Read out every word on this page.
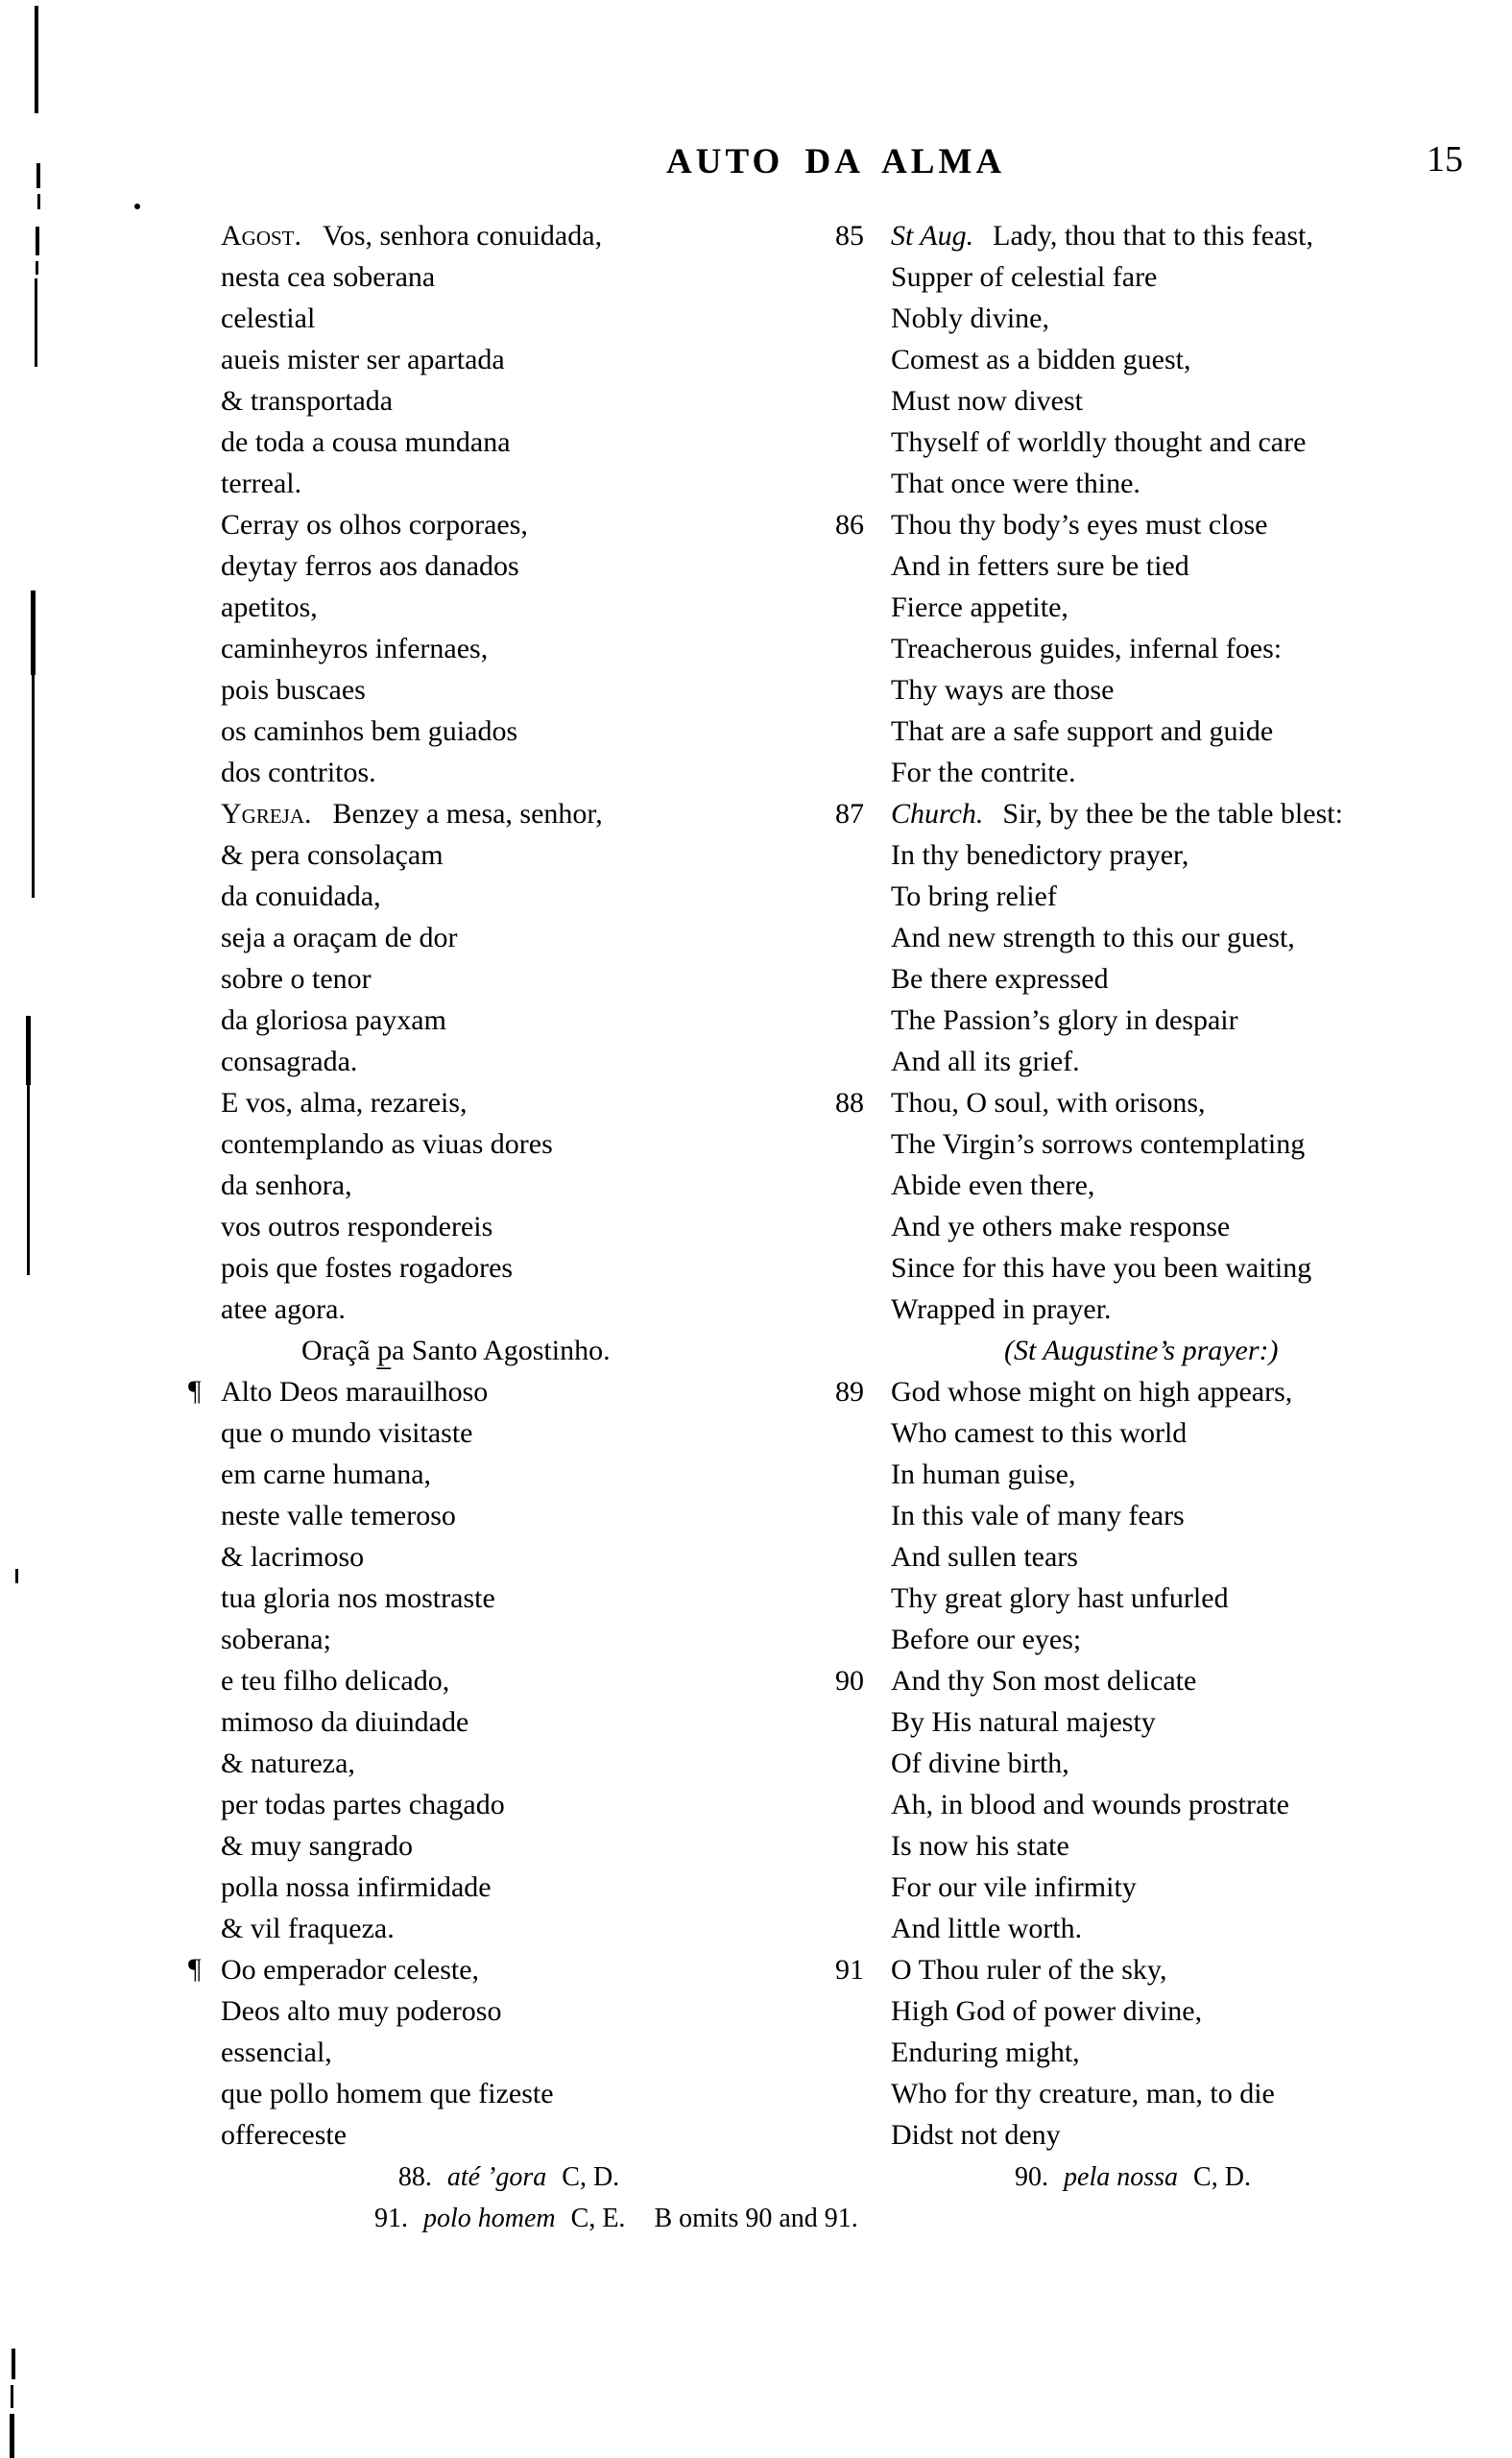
AUTO DA ALMA	15
Agost. Vos, senhora conuidada,
nesta cea soberana
celestial
aueis mister ser apartada
& transportada
de toda a cousa mundana
terreal.
Cerray os olhos corporaes,
deytay ferros aos danados
apetitos,
caminheyros infernaes,
pois buscaes
os caminhos bem guiados
dos contritos.
Ygreja. Benzey a mesa, senhor,
& pera consolaçam
da conuidada,
seja a oraçam de dor
sobre o tenor
da gloriosa payxam
consagrada.
E vos, alma, rezareis,
contemplando as viuas dores
da senhora,
vos outros respondereis
pois que fostes rogadores
atee agora.
Oraçã p̲a Santo Agostinho.
¶ Alto Deos marauilhoso
que o mundo visitaste
em carne humana,
neste valle temeroso
& lacrimoso
tua gloria nos mostraste
soberana;
e teu filho delicado,
mimoso da diuindade
& natureza,
per todas partes chagado
& muy sangrado
polla nossa infirmidade
& vil fraqueza.
¶ Oo emperador celeste,
Deos alto muy poderoso
essencial,
que pollo homem que fizeste
offereceste
85 St Aug. Lady, thou that to this feast,
Supper of celestial fare
Nobly divine,
Comest as a bidden guest,
Must now divest
Thyself of worldly thought and care
That once were thine.
86 Thou thy body’s eyes must close
And in fetters sure be tied
Fierce appetite,
Treacherous guides, infernal foes:
Thy ways are those
That are a safe support and guide
For the contrite.
87 Church. Sir, by thee be the table blest:
In thy benedictory prayer,
To bring relief
And new strength to this our guest,
Be there expressed
The Passion’s glory in despair
And all its grief.
88 Thou, O soul, with orisons,
The Virgin’s sorrows contemplating
Abide even there,
And ye others make response
Since for this have you been waiting
Wrapped in prayer.
(St Augustine’s prayer:)
89 God whose might on high appears,
Who camest to this world
In human guise,
In this vale of many fears
And sullen tears
Thy great glory hast unfurled
Before our eyes;
90 And thy Son most delicate
By His natural majesty
Of divine birth,
Ah, in blood and wounds prostrate
Is now his state
For our vile infirmity
And little worth.
91 O Thou ruler of the sky,
High God of power divine,
Enduring might,
Who for thy creature, man, to die
Didst not deny
88. até ’gora C, D.	90. pela nossa C, D.
91. polo homem C, E. B omits 90 and 91.
